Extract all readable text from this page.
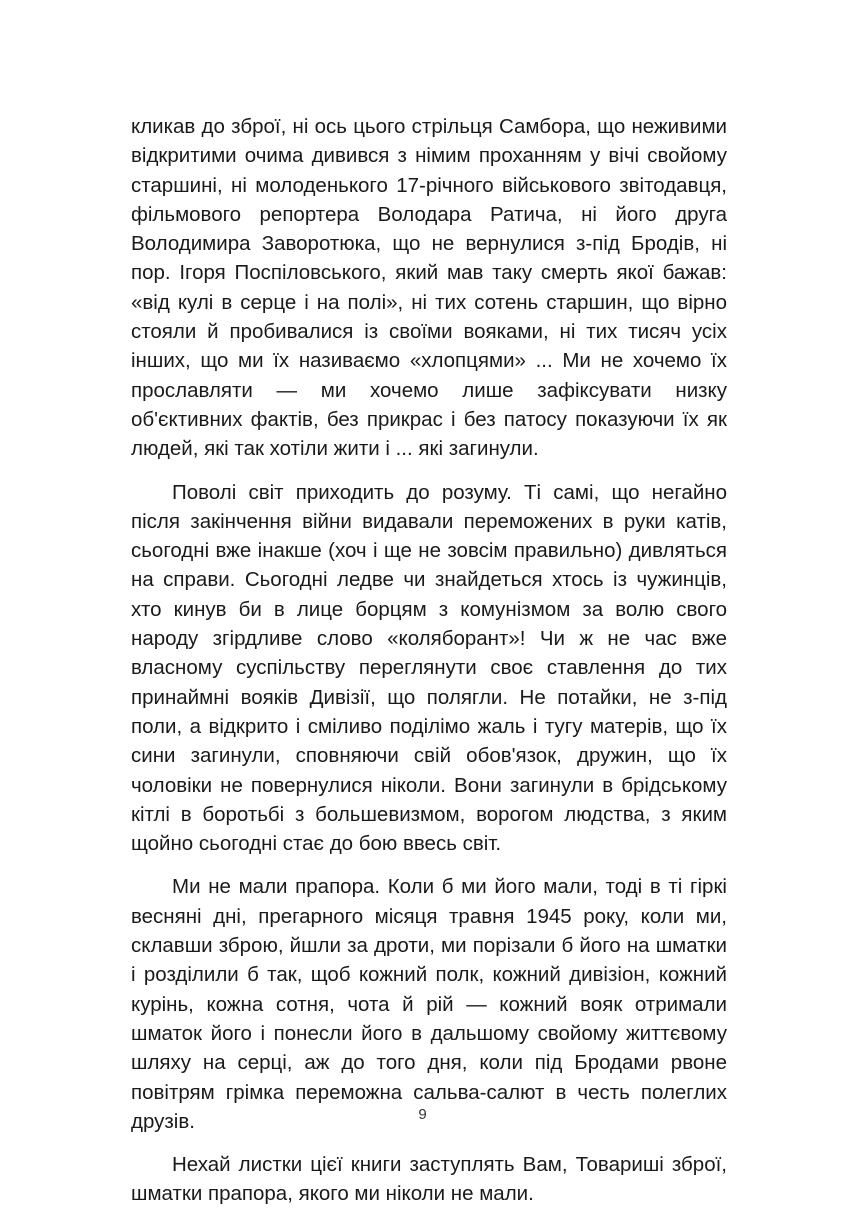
кликав до зброї, ні ось цього стрільця Самбора, що неживими відкритими очима дивився з німим проханням у вічі свойому старшині, ні молоденького 17-річного військового звітодавця, фільмового репортера Володара Ратича, ні його друга Володимира Заворотюка, що не вернулися з-під Бродів, ні пор. Ігоря Поспіловського, який мав таку смерть якої бажав: «від кулі в серце і на полі», ні тих сотень старшин, що вірно стояли й пробивалися із своїми вояками, ні тих тисяч усіх інших, що ми їх називаємо «хлопцями» ... Ми не хочемо їх прославляти — ми хочемо лише зафіксувати низку об'єктивних фактів, без прикрас і без патосу показуючи їх як людей, які так хотіли жити і ... які загинули.

Поволі світ приходить до розуму. Ті самі, що негайно після закінчення війни видавали переможених в руки катів, сьогодні вже інакше (хоч і ще не зовсім правильно) дивляться на справи. Сьогодні ледве чи знайдеться хтось із чужинців, хто кинув би в лице борцям з комунізмом за волю свого народу згірдливе слово «коляборант»! Чи ж не час вже власному суспільству переглянути своє ставлення до тих принаймні вояків Дивізії, що полягли. Не потайки, не з-під поли, а відкрито і сміливо поділімо жаль і тугу матерів, що їх сини загинули, сповняючи свій обов'язок, дружин, що їх чоловіки не повернулися ніколи. Вони загинули в брідському кітлі в боротьбі з большевизмом, ворогом людства, з яким щойно сьогодні стає до бою ввесь світ.

Ми не мали прапора. Коли б ми його мали, тоді в ті гіркі весняні дні, прегарного місяця травня 1945 року, коли ми, склавши зброю, йшли за дроти, ми порізали б його на шматки і розділили б так, щоб кожний полк, кожний дивізіон, кожний курінь, кожна сотня, чота й рій — кожний вояк отримали шматок його і понесли його в дальшому свойому життєвому шляху на серці, аж до того дня, коли під Бродами рвоне повітрям грімка переможна сальва-салют в честь полеглих друзів.

Нехай листки цієї книги заступлять Вам, Товариші зброї, шматки прапора, якого ми ніколи не мали.

9
